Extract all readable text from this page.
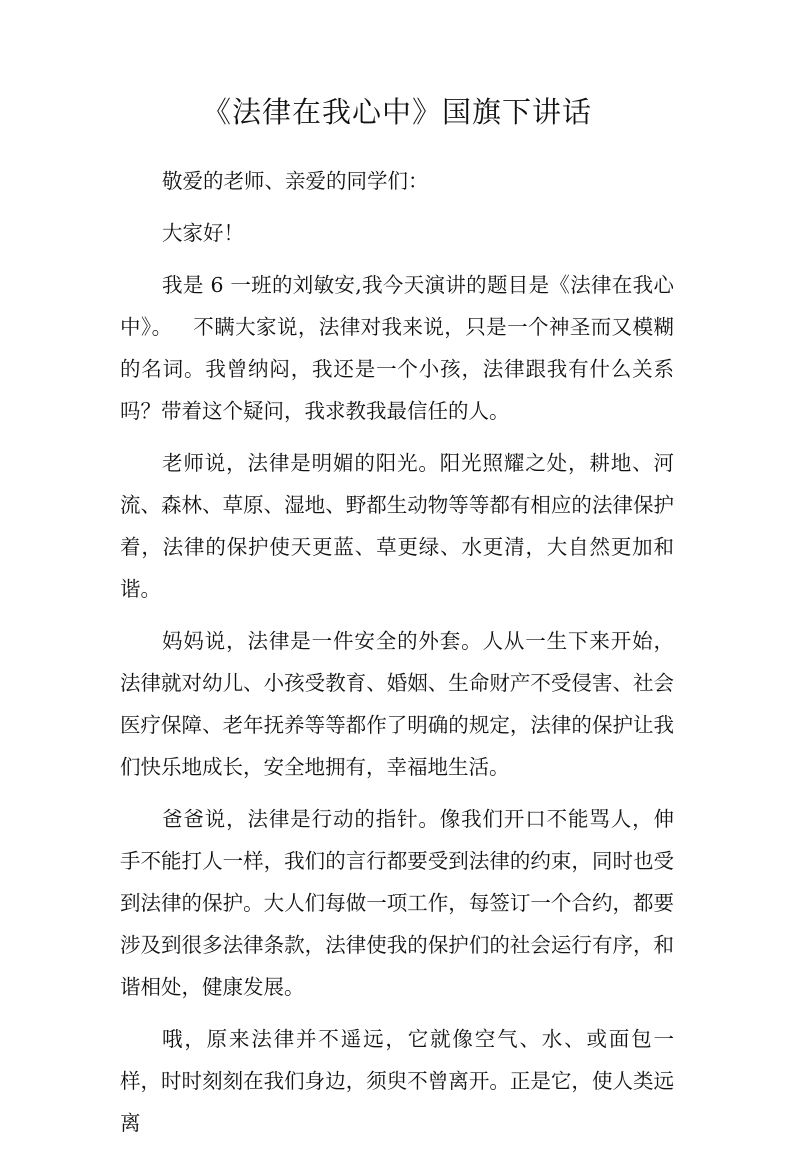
《法律在我心中》国旗下讲话

敬爱的老师、亲爱的同学们：

大家好！

我是 6 一班的刘敏安,我今天演讲的题目是《法律在我心中》。   不瞒大家说，法律对我来说，只是一个神圣而又模糊的名词。我曾纳闷，我还是一个小孩，法律跟我有什么关系吗？带着这个疑问，我求教我最信任的人。

老师说，法律是明媚的阳光。阳光照耀之处，耕地、河流、森林、草原、湿地、野都生动物等等都有相应的法律保护着，法律的保护使天更蓝、草更绿、水更清，大自然更加和谐。

妈妈说，法律是一件安全的外套。人从一生下来开始，法律就对幼儿、小孩受教育、婚姻、生命财产不受侵害、社会医疗保障、老年抚养等等都作了明确的规定，法律的保护让我们快乐地成长，安全地拥有，幸福地生活。

爸爸说，法律是行动的指针。像我们开口不能骂人，伸手不能打人一样，我们的言行都要受到法律的约束，同时也受到法律的保护。大人们每做一项工作，每签订一个合约，都要涉及到很多法律条款，法律使我的保护们的社会运行有序，和谐相处，健康发展。

哦，原来法律并不遥远，它就像空气、水、或面包一样，时时刻刻在我们身边，须臾不曾离开。正是它，使人类远离
